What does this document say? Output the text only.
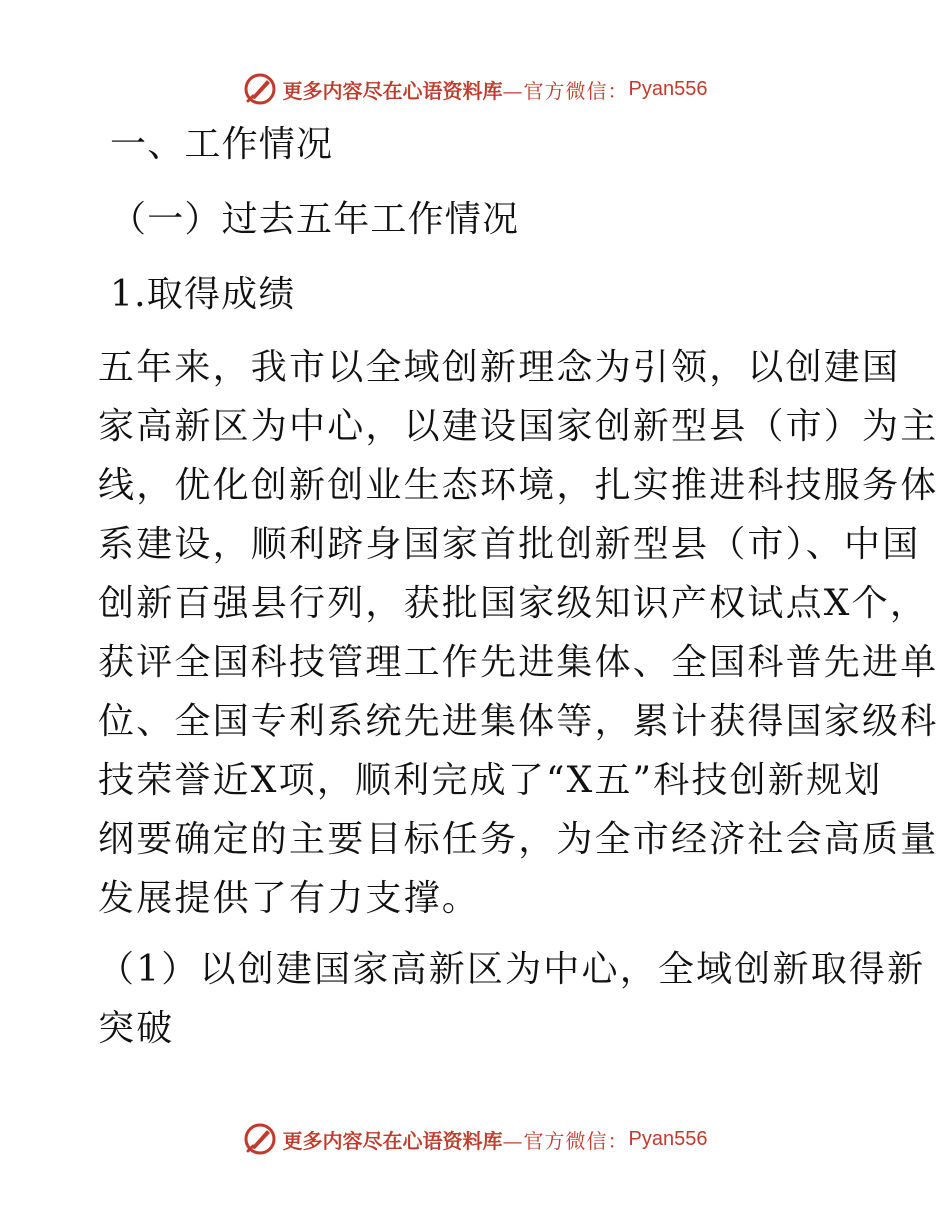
更多内容尽在心语资料库 —官方微信： Pyan556
一、工作情况
（一）过去五年工作情况
1.取得成绩
五年来，我市以全域创新理念为引领，以创建国
家高新区为中心，以建设国家创新型县（市）为主
线，优化创新创业生态环境，扎实推进科技服务体
系建设，顺利跻身国家首批创新型县（市）、中国
创新百强县行列，获批国家级知识产权试点X个，
获评全国科技管理工作先进集体、全国科普先进单
位、全国专利系统先进集体等，累计获得国家级科
技荣誉近X项，顺利完成了“X五”科技创新规划
纲要确定的主要目标任务，为全市经济社会高质量
发展提供了有力支撑。
（1）以创建国家高新区为中心，全域创新取得新
突破
更多内容尽在心语资料库 —官方微信： Pyan556
